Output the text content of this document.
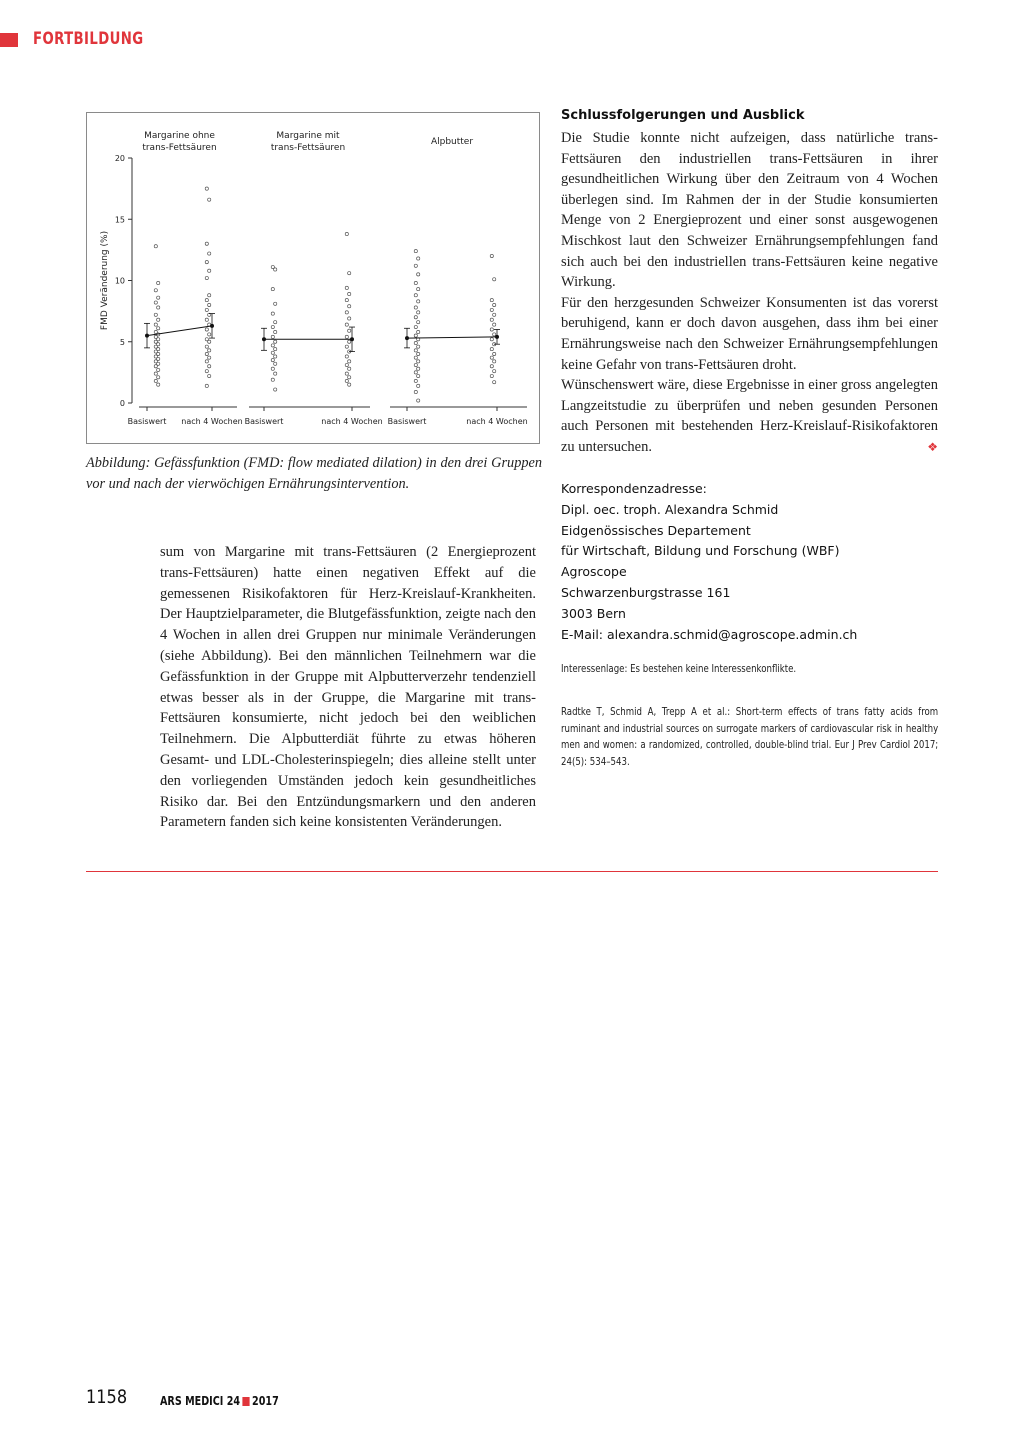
FORTBILDUNG
0
5
10
15
20
FMD Veränderung (%)
Basiswert nach 4 Wochen
Margarine ohne
trans-Fettsäuren
Basiswert	nach 4 Wochen
Margarine mit
trans-Fettsäuren
Basiswert	nach 4 Wochen
Alpbutter
Abbildung: Gefässfunktion (FMD: flow mediated dilation) in den drei Gruppen vor und nach der vierwöchigen Ernährungsintervention.

sum von Margarine mit trans-Fettsäuren (2 Energieprozent trans-Fettsäuren) hatte einen negativen Effekt auf die gemessenen Risikofaktoren für Herz-Kreislauf-Krankheiten. Der Hauptzielparameter, die Blutgefässfunktion, zeigte nach den 4 Wochen in allen drei Gruppen nur minimale Veränderungen (siehe Abbildung). Bei den männlichen Teilnehmern war die Gefässfunktion in der Gruppe mit Alpbutterverzehr tendenziell etwas besser als in der Gruppe, die Margarine mit trans-Fettsäuren konsumierte, nicht jedoch bei den weiblichen Teilnehmern. Die Alpbutterdiät führte zu etwas höheren Gesamt- und LDL-Cholesterinspiegeln; dies alleine stellt unter den vorliegenden Umständen jedoch kein gesundheitliches Risiko dar. Bei den Entzündungsmarkern und den anderen Parametern fanden sich keine konsistenten Veränderungen.

Schlussfolgerungen und Ausblick

Die Studie konnte nicht aufzeigen, dass natürliche trans-Fettsäuren den industriellen trans-Fettsäuren in ihrer gesundheitlichen Wirkung über den Zeitraum von 4 Wochen überlegen sind. Im Rahmen der in der Studie konsumierten Menge von 2 Energieprozent und einer sonst ausgewogenen Mischkost laut den Schweizer Ernährungsempfehlungen fand sich auch bei den industriellen trans-Fettsäuren keine negative Wirkung.

Für den herzgesunden Schweizer Konsumenten ist das vorerst beruhigend, kann er doch davon ausgehen, dass ihm bei einer Ernährungsweise nach den Schweizer Ernährungsempfehlungen keine Gefahr von trans-Fettsäuren droht.

Wünschenswert wäre, diese Ergebnisse in einer gross angelegten Langzeitstudie zu überprüfen und neben gesunden Personen auch Personen mit bestehenden Herz-Kreislauf-Risikofaktoren zu untersuchen.	❖

Korrespondenzadresse:
Dipl. oec. troph. Alexandra Schmid
Eidgenössisches Departement
für Wirtschaft, Bildung und Forschung (WBF)
Agroscope
Schwarzenburgstrasse 161
3003 Bern
E-Mail: alexandra.schmid@agroscope.admin.ch
Interessenlage: Es bestehen keine Interessenkonflikte.
Radtke T, Schmid A, Trepp A et al.: Short-term effects of trans fatty acids from ruminant and industrial sources on surrogate markers of cardiovascular risk in healthy men and women: a randomized, controlled, double-blind trial. Eur J Prev Cardiol 2017; 24(5): 534–543.
1158	ARS MEDICI 24 2017
